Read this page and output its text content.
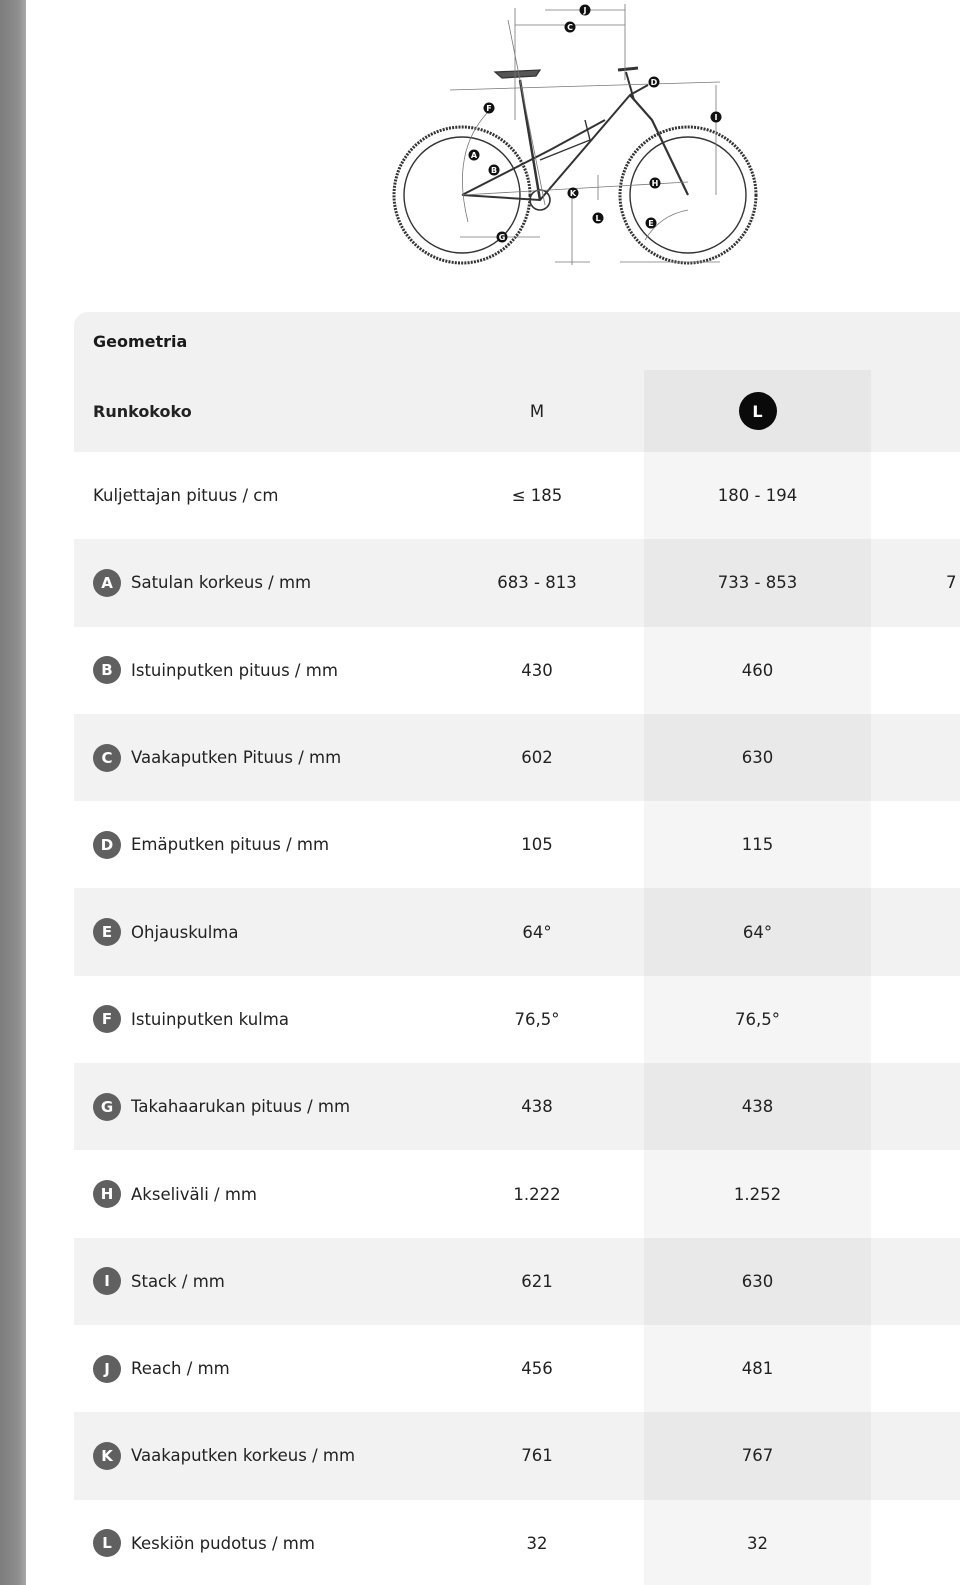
J
C
D
F
I
A
B
H
K
L
E
G
Geometria
Runkokoko	M	L
Kuljettajan pituus / cm	≤ 185	180 - 194
A	Satulan korkeus / mm	683 - 813	733 - 853	7
B	Istuinputken pituus / mm	430	460
C	Vaakaputken Pituus / mm	602	630
D	Emäputken pituus / mm	105	115
E	Ohjauskulma	64°	64°
F	Istuinputken kulma	76,5°	76,5°
G	Takahaarukan pituus / mm	438	438
H	Akseliväli / mm	1.222	1.252
I	Stack / mm	621	630
J	Reach / mm	456	481
K	Vaakaputken korkeus / mm	761	767
L	Keskiön pudotus / mm	32	32
